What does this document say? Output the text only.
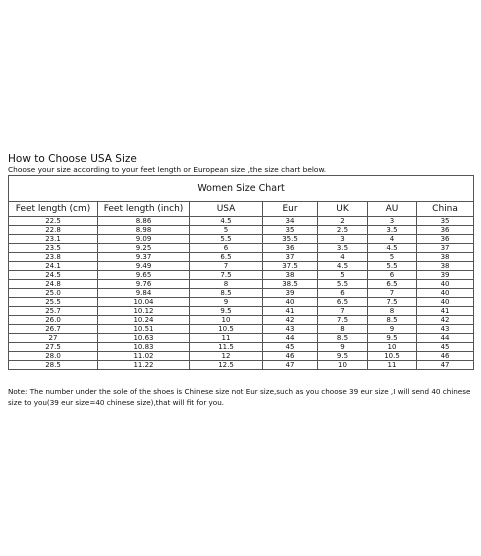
How to Choose USA Size
Choose your size according to your feet length or European size ,the size chart below.
Women Size Chart						
Feet length (cm)	Feet length (inch)	USA	Eur	UK	AU	China
22.5	8.86	4.5	34	2	3	35
22.8	8.98	5	35	2.5	3.5	36
23.1	9.09	5.5	35.5	3	4	36
23.5	9.25	6	36	3.5	4.5	37
23.8	9.37	6.5	37	4	5	38
24.1	9.49	7	37.5	4.5	5.5	38
24.5	9.65	7.5	38	5	6	39
24.8	9.76	8	38.5	5.5	6.5	40
25.0	9.84	8.5	39	6	7	40
25.5	10.04	9	40	6.5	7.5	40
25.7	10.12	9.5	41	7	8	41
26.0	10.24	10	42	7.5	8.5	42
26.7	10.51	10.5	43	8	9	43
27	10.63	11	44	8.5	9.5	44
27.5	10.83	11.5	45	9	10	45
28.0	11.02	12	46	9.5	10.5	46
28.5	11.22	12.5	47	10	11	47
Note: The number under the sole of the shoes is Chinese size not Eur size,such as you choose 39 eur size ,I will send 40 chinese size to you(39 eur size=40 chinese size),that will fit for you.
